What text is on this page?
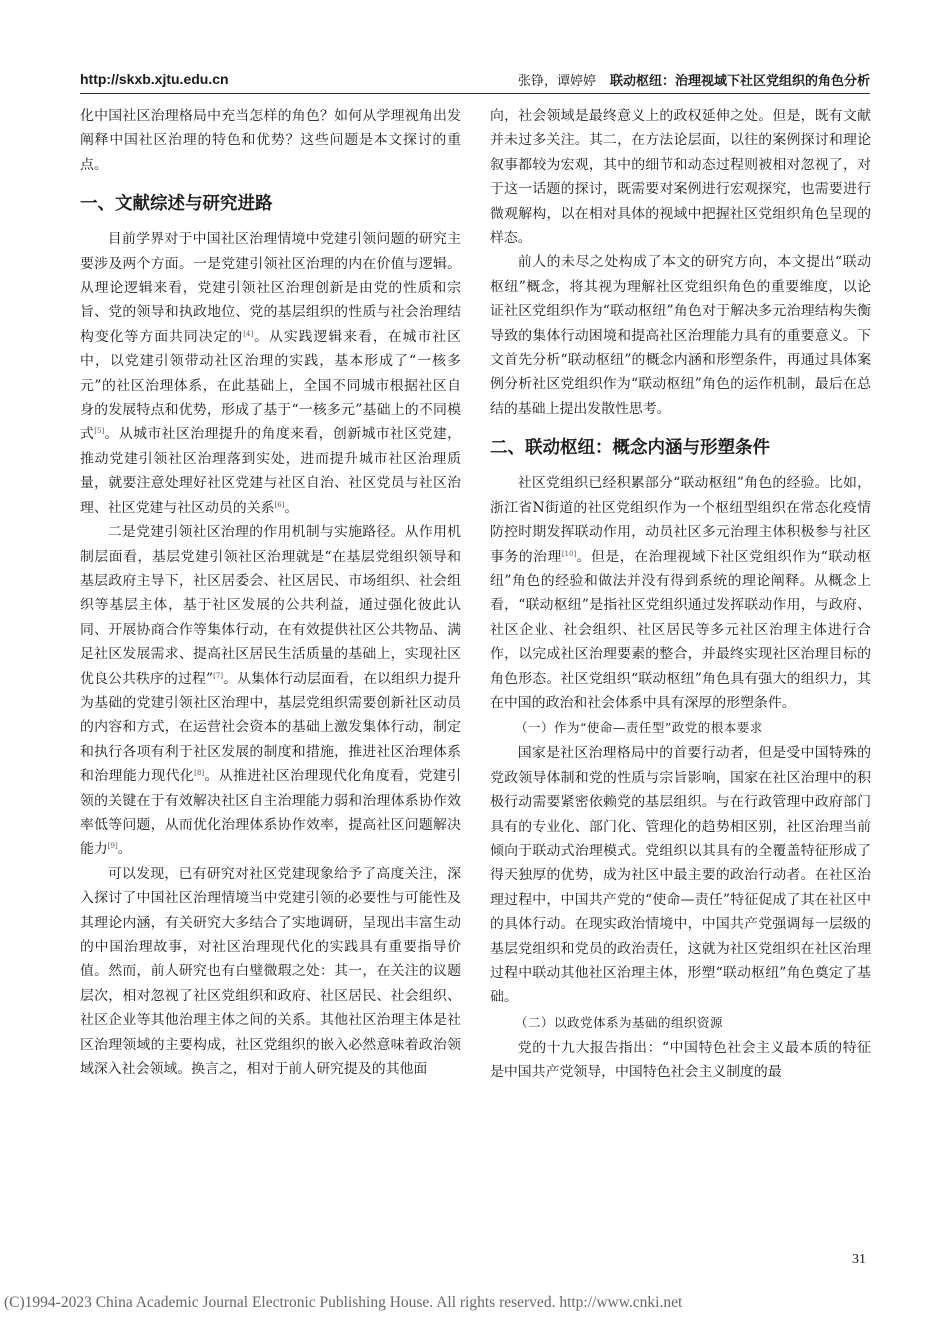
http://skxb.xjtu.edu.cn	张铮，谭婷婷 联动枢纽：治理视域下社区党组织的角色分析

化中国社区治理格局中充当怎样的角色？如何从学理视角出发阐释中国社区治理的特色和优势？这些问题是本文探讨的重点。

一、文献综述与研究进路

目前学界对于中国社区治理情境中党建引领问题的研究主要涉及两个方面。一是党建引领社区治理的内在价值与逻辑。从理论逻辑来看，党建引领社区治理创新是由党的性质和宗旨、党的领导和执政地位、党的基层组织的性质与社会治理结构变化等方面共同决定的[4]。从实践逻辑来看，在城市社区中，以党建引领带动社区治理的实践，基本形成了“一核多元”的社区治理体系，在此基础上，全国不同城市根据社区自身的发展特点和优势，形成了基于“一核多元”基础上的不同模式[5]。从城市社区治理提升的角度来看，创新城市社区党建，推动党建引领社区治理落到实处，进而提升城市社区治理质量，就要注意处理好社区党建与社区自治、社区党员与社区治理、社区党建与社区动员的关系[6]。

二是党建引领社区治理的作用机制与实施路径。从作用机制层面看，基层党建引领社区治理就是“在基层党组织领导和基层政府主导下，社区居委会、社区居民、市场组织、社会组织等基层主体，基于社区发展的公共利益，通过强化彼此认同、开展协商合作等集体行动，在有效提供社区公共物品、满足社区发展需求、提高社区居民生活质量的基础上，实现社区优良公共秩序的过程”[7]。从集体行动层面看，在以组织力提升为基础的党建引领社区治理中，基层党组织需要创新社区动员的内容和方式，在运营社会资本的基础上激发集体行动，制定和执行各项有利于社区发展的制度和措施，推进社区治理体系和治理能力现代化[8]。从推进社区治理现代化角度看，党建引领的关键在于有效解决社区自主治理能力弱和治理体系协作效率低等问题，从而优化治理体系协作效率，提高社区问题解决能力[9]。

可以发现，已有研究对社区党建现象给予了高度关注，深入探讨了中国社区治理情境当中党建引领的必要性与可能性及其理论内涵，有关研究大多结合了实地调研，呈现出丰富生动的中国治理故事，对社区治理现代化的实践具有重要指导价值。然而，前人研究也有白璧微瑕之处：其一，在关注的议题层次，相对忽视了社区党组织和政府、社区居民、社会组织、社区企业等其他治理主体之间的关系。其他社区治理主体是社区治理领域的主要构成，社区党组织的嵌入必然意味着政治领域深入社会领域。换言之，相对于前人研究提及的其他面

向，社会领域是最终意义上的政权延伸之处。但是，既有文献并未过多关注。其二，在方法论层面，以往的案例探讨和理论叙事都较为宏观，其中的细节和动态过程则被相对忽视了，对于这一话题的探讨，既需要对案例进行宏观探究，也需要进行微观解构，以在相对具体的视域中把握社区党组织角色呈现的样态。

前人的未尽之处构成了本文的研究方向，本文提出“联动枢纽”概念，将其视为理解社区党组织角色的重要维度，以论证社区党组织作为“联动枢纽”角色对于解决多元治理结构失衡导致的集体行动困境和提高社区治理能力具有的重要意义。下文首先分析“联动枢纽”的概念内涵和形塑条件，再通过具体案例分析社区党组织作为“联动枢纽”角色的运作机制，最后在总结的基础上提出发散性思考。

二、联动枢纽：概念内涵与形塑条件

社区党组织已经积累部分“联动枢纽”角色的经验。比如，浙江省N街道的社区党组织作为一个枢纽型组织在常态化疫情防控时期发挥联动作用，动员社区多元治理主体积极参与社区事务的治理[10]。但是，在治理视域下社区党组织作为“联动枢纽”角色的经验和做法并没有得到系统的理论阐释。从概念上看，“联动枢纽”是指社区党组织通过发挥联动作用，与政府、社区企业、社会组织、社区居民等多元社区治理主体进行合作，以完成社区治理要素的整合，并最终实现社区治理目标的角色形态。社区党组织“联动枢纽”角色具有强大的组织力，其在中国的政治和社会体系中具有深厚的形塑条件。

（一）作为“使命—责任型”政党的根本要求

国家是社区治理格局中的首要行动者，但是受中国特殊的党政领导体制和党的性质与宗旨影响，国家在社区治理中的积极行动需要紧密依赖党的基层组织。与在行政管理中政府部门具有的专业化、部门化、管理化的趋势相区别，社区治理当前倾向于联动式治理模式。党组织以其具有的全覆盖特征形成了得天独厚的优势，成为社区中最主要的政治行动者。在社区治理过程中，中国共产党的“使命—责任”特征促成了其在社区中的具体行动。在现实政治情境中，中国共产党强调每一层级的基层党组织和党员的政治责任，这就为社区党组织在社区治理过程中联动其他社区治理主体，形塑“联动枢纽”角色奠定了基础。

（二）以政党体系为基础的组织资源

党的十九大报告指出：“中国特色社会主义最本质的特征是中国共产党领导，中国特色社会主义制度的最

31
(C)1994-2023 China Academic Journal Electronic Publishing House. All rights reserved. http://www.cnki.net
